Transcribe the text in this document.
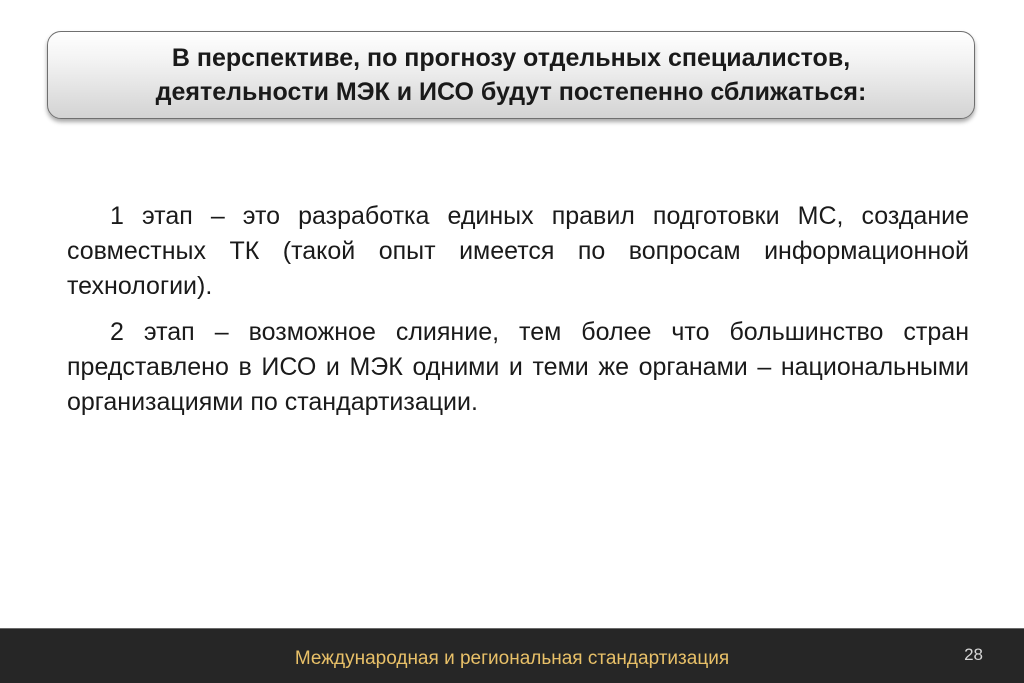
В перспективе, по прогнозу отдельных специалистов,
деятельности МЭК и ИСО будут постепенно сближаться:

1 этап – это разработка единых правил подготовки МС, создание совместных ТК (такой опыт имеется по вопросам информационной технологии).

2 этап – возможное слияние, тем более что большинство стран представлено в ИСО и МЭК одними и теми же органами – национальными организациями по стандартизации.

Международная и региональная стандартизация	28
